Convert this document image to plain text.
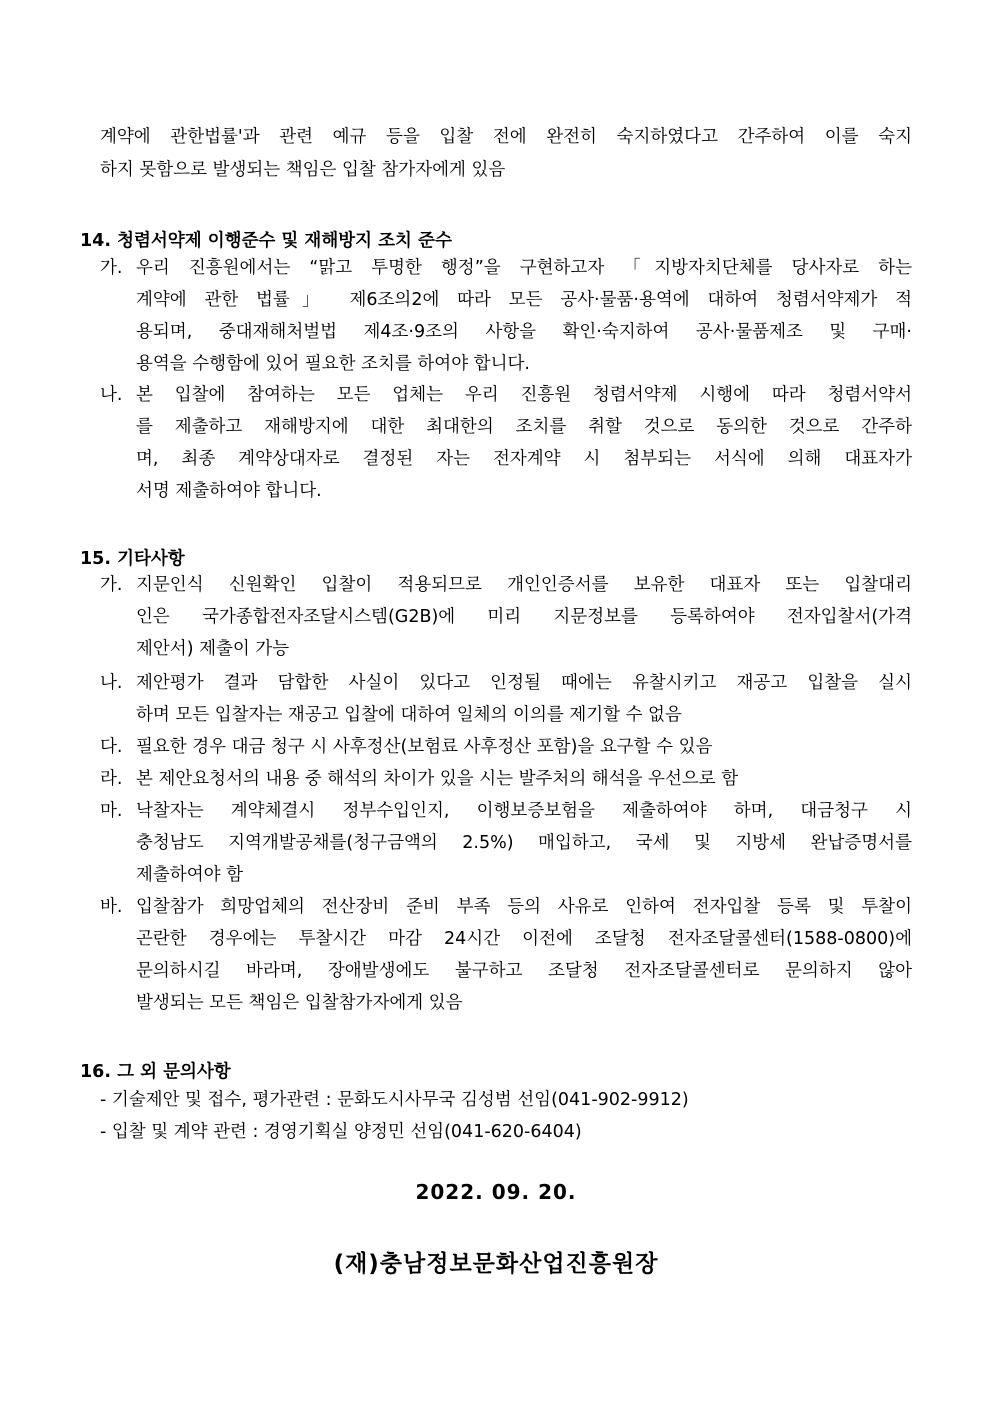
계약에 관한법률'과 관련 예규 등을 입찰 전에 완전히 숙지하였다고 간주하여 이를 숙지
하지 못함으로 발생되는 책임은 입찰 참가자에게 있음
14. 청렴서약제 이행준수 및 재해방지 조치 준수
가. 우리 진흥원에서는 “맑고 투명한 행정”을 구현하고자 「지방자치단체를 당사자로 하는
계약에 관한 법률」 제6조의2에 따라 모든 공사·물품·용역에 대하여 청렴서약제가 적
용되며, 중대재해처벌법 제4조·9조의 사항을 확인·숙지하여 공사·물품제조 및 구매·
용역을 수행함에 있어 필요한 조치를 하여야 합니다.
나. 본 입찰에 참여하는 모든 업체는 우리 진흥원 청렴서약제 시행에 따라 청렴서약서
를 제출하고 재해방지에 대한 최대한의 조치를 취할 것으로 동의한 것으로 간주하
며, 최종 계약상대자로 결정된 자는 전자계약 시 첨부되는 서식에 의해 대표자가
서명 제출하여야 합니다.
15. 기타사항
가. 지문인식 신원확인 입찰이 적용되므로 개인인증서를 보유한 대표자 또는 입찰대리
인은 국가종합전자조달시스템(G2B)에 미리 지문정보를 등록하여야 전자입찰서(가격
제안서) 제출이 가능
나. 제안평가 결과 담합한 사실이 있다고 인정될 때에는 유찰시키고 재공고 입찰을 실시
하며 모든 입찰자는 재공고 입찰에 대하여 일체의 이의를 제기할 수 없음
다. 필요한 경우 대금 청구 시 사후정산(보험료 사후정산 포함)을 요구할 수 있음
라. 본 제안요청서의 내용 중 해석의 차이가 있을 시는 발주처의 해석을 우선으로 함
마. 낙찰자는 계약체결시 정부수입인지, 이행보증보험을 제출하여야 하며, 대금청구 시
충청남도 지역개발공채를(청구금액의 2.5%) 매입하고, 국세 및 지방세 완납증명서를
제출하여야 함
바. 입찰참가 희망업체의 전산장비 준비 부족 등의 사유로 인하여 전자입찰 등록 및 투찰이
곤란한 경우에는 투찰시간 마감 24시간 이전에 조달청 전자조달콜센터(1588-0800)에
문의하시길 바라며, 장애발생에도 불구하고 조달청 전자조달콜센터로 문의하지 않아
발생되는 모든 책임은 입찰참가자에게 있음
16. 그 외 문의사항
- 기술제안 및 접수, 평가관련 : 문화도시사무국 김성범 선임(041-902-9912)
- 입찰 및 계약 관련 : 경영기획실 양정민 선임(041-620-6404)
2022. 09. 20.
(재)충남정보문화산업진흥원장
